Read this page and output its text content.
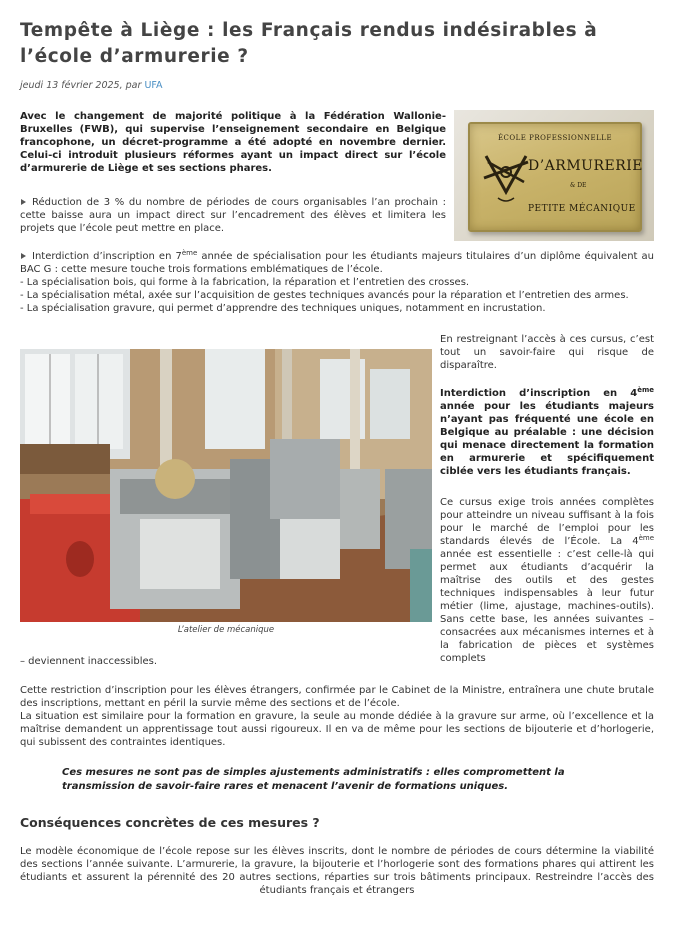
Tempête à Liège : les Français rendus indésirables à l’école d’armurerie ?

jeudi 13 février 2025, par UFA

Avec le changement de majorité politique à la Fédération Wallonie-Bruxelles (FWB), qui supervise l’enseignement secondaire en Belgique francophone, un décret-programme a été adopté en novembre dernier. Celui-ci introduit plusieurs réformes ayant un impact direct sur l’école d’armurerie de Liège et ses sections phares.

ÉCOLE PROFESSIONNELLE
D’ARMURERIE
& DE
PETITE MÉCANIQUE

Réduction de 3 % du nombre de périodes de cours organisables l’an prochain : cette baisse aura un impact direct sur l’encadrement des élèves et limitera les projets que l’école peut mettre en place.

Interdiction d’inscription en 7ème année de spécialisation pour les étudiants majeurs titulaires d’un diplôme équivalent au BAC G : cette mesure touche trois formations emblématiques de l’école.
- La spécialisation bois, qui forme à la fabrication, la réparation et l’entretien des crosses.
- La spécialisation métal, axée sur l’acquisition de gestes techniques avancés pour la réparation et l’entretien des armes.
- La spécialisation gravure, qui permet d’apprendre des techniques uniques, notamment en incrustation.

L’atelier de mécanique

En restreignant l’accès à ces cursus, c’est tout un savoir-faire qui risque de disparaître.

Interdiction d’inscription en 4ème année pour les étudiants majeurs n’ayant pas fréquenté une école en Belgique au préalable : une décision qui menace directement la formation en armurerie et spécifiquement ciblée vers les étudiants français.

Ce cursus exige trois années complètes pour atteindre un niveau suffisant à la fois pour le marché de l’emploi pour les standards élevés de l’École. La 4ème année est essentielle : c’est celle-là qui permet aux étudiants d’acquérir la maîtrise des outils et des gestes techniques indispensables à leur futur métier (lime, ajustage, machines-outils). Sans cette base, les années suivantes – consacrées aux mécanismes internes et à la fabrication de pièces et systèmes complets

– deviennent inaccessibles.

Cette restriction d’inscription pour les élèves étrangers, confirmée par le Cabinet de la Ministre, entraînera une chute brutale des inscriptions, mettant en péril la survie même des sections et de l’école.

La situation est similaire pour la formation en gravure, la seule au monde dédiée à la gravure sur arme, où l’excellence et la maîtrise demandent un apprentissage tout aussi rigoureux. Il en va de même pour les sections de bijouterie et d’horlogerie, qui subissent des contraintes identiques.

Ces mesures ne sont pas de simples ajustements administratifs : elles compromettent la transmission de savoir-faire rares et menacent l’avenir de formations uniques.

Conséquences concrètes de ces mesures ?

Le modèle économique de l’école repose sur les élèves inscrits, dont le nombre de périodes de cours détermine la viabilité des sections l’année suivante. L’armurerie, la gravure, la bijouterie et l’horlogerie sont des formations phares qui attirent les étudiants et assurent la pérennité des 20 autres sections, réparties sur trois bâtiments principaux. Restreindre l’accès des étudiants français et étrangers
